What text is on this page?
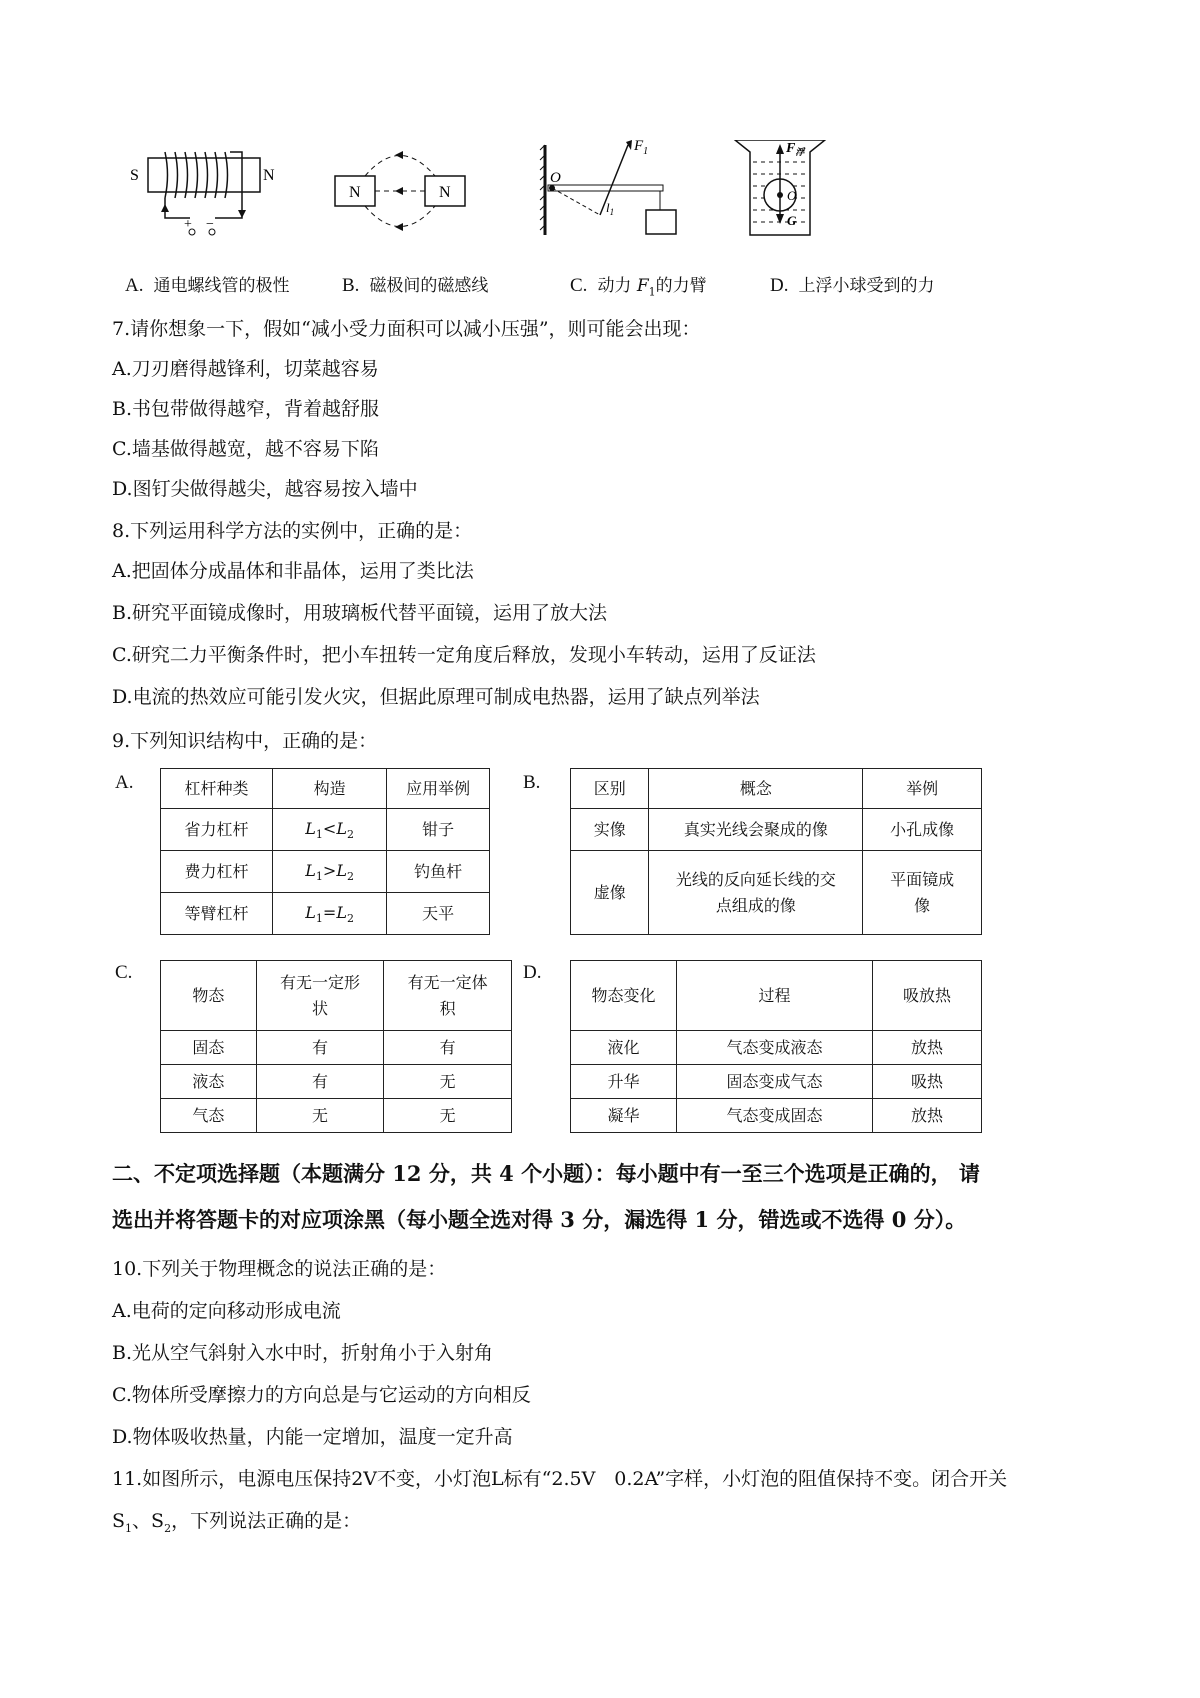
S	N
+ −
N	N
O
$F_1$
$l_1$
$F_浮$
O
G
A. 通电螺线管的极性	B. 磁极间的磁感线	C. 动力 $F_1$的力臂	D. 上浮小球受到的力
7.请你想象一下，假如“减小受力面积可以减小压强”，则可能会出现：
A.刀刃磨得越锋利，切菜越容易
B.书包带做得越窄，背着越舒服
C.墙基做得越宽，越不容易下陷
D.图钉尖做得越尖，越容易按入墙中
8.下列运用科学方法的实例中，正确的是：
A.把固体分成晶体和非晶体，运用了类比法
B.研究平面镜成像时，用玻璃板代替平面镜，运用了放大法
C.研究二力平衡条件时，把小车扭转一定角度后释放，发现小车转动，运用了反证法
D.电流的热效应可能引发火灾，但据此原理可制成电热器，运用了缺点列举法
9.下列知识结构中，正确的是：
A.	杠杆种类	构造	应用举例
省力杠杆	$L_1<L_2$	钳子
费力杠杆	$L_1>L_2$	钓鱼杆
等臂杠杆	$L_1=L_2$	天平
B.	区别	概念	举例
实像	真实光线会聚成的像	小孔成像
虚像	光线的反向延长线的交点组成的像	平面镜成像
C.
物态	有无一定形状	有无一定体积
固态	有	有
液态	有	无
气态	无	无
D.
物态变化	过程	吸放热
液化	气态变成液态	放热
升华	固态变成气态	吸热
凝华	气态变成固态	放热
二、不定项选择题（本题满分 12 分，共 4 个小题）：每小题中有一至三个选项是正确的， 请
选出并将答题卡的对应项涂黑（每小题全选对得 3 分，漏选得 1 分，错选或不选得 0 分）。
10.下列关于物理概念的说法正确的是：
A.电荷的定向移动形成电流
B.光从空气斜射入水中时，折射角小于入射角
C.物体所受摩擦力的方向总是与它运动的方向相反
D.物体吸收热量，内能一定增加，温度一定升高
11.如图所示，电源电压保持2V不变，小灯泡L标有“2.5V　0.2A”字样，小灯泡的阻值保持不变。闭合开关
$S_1$、$S_2$，下列说法正确的是：
